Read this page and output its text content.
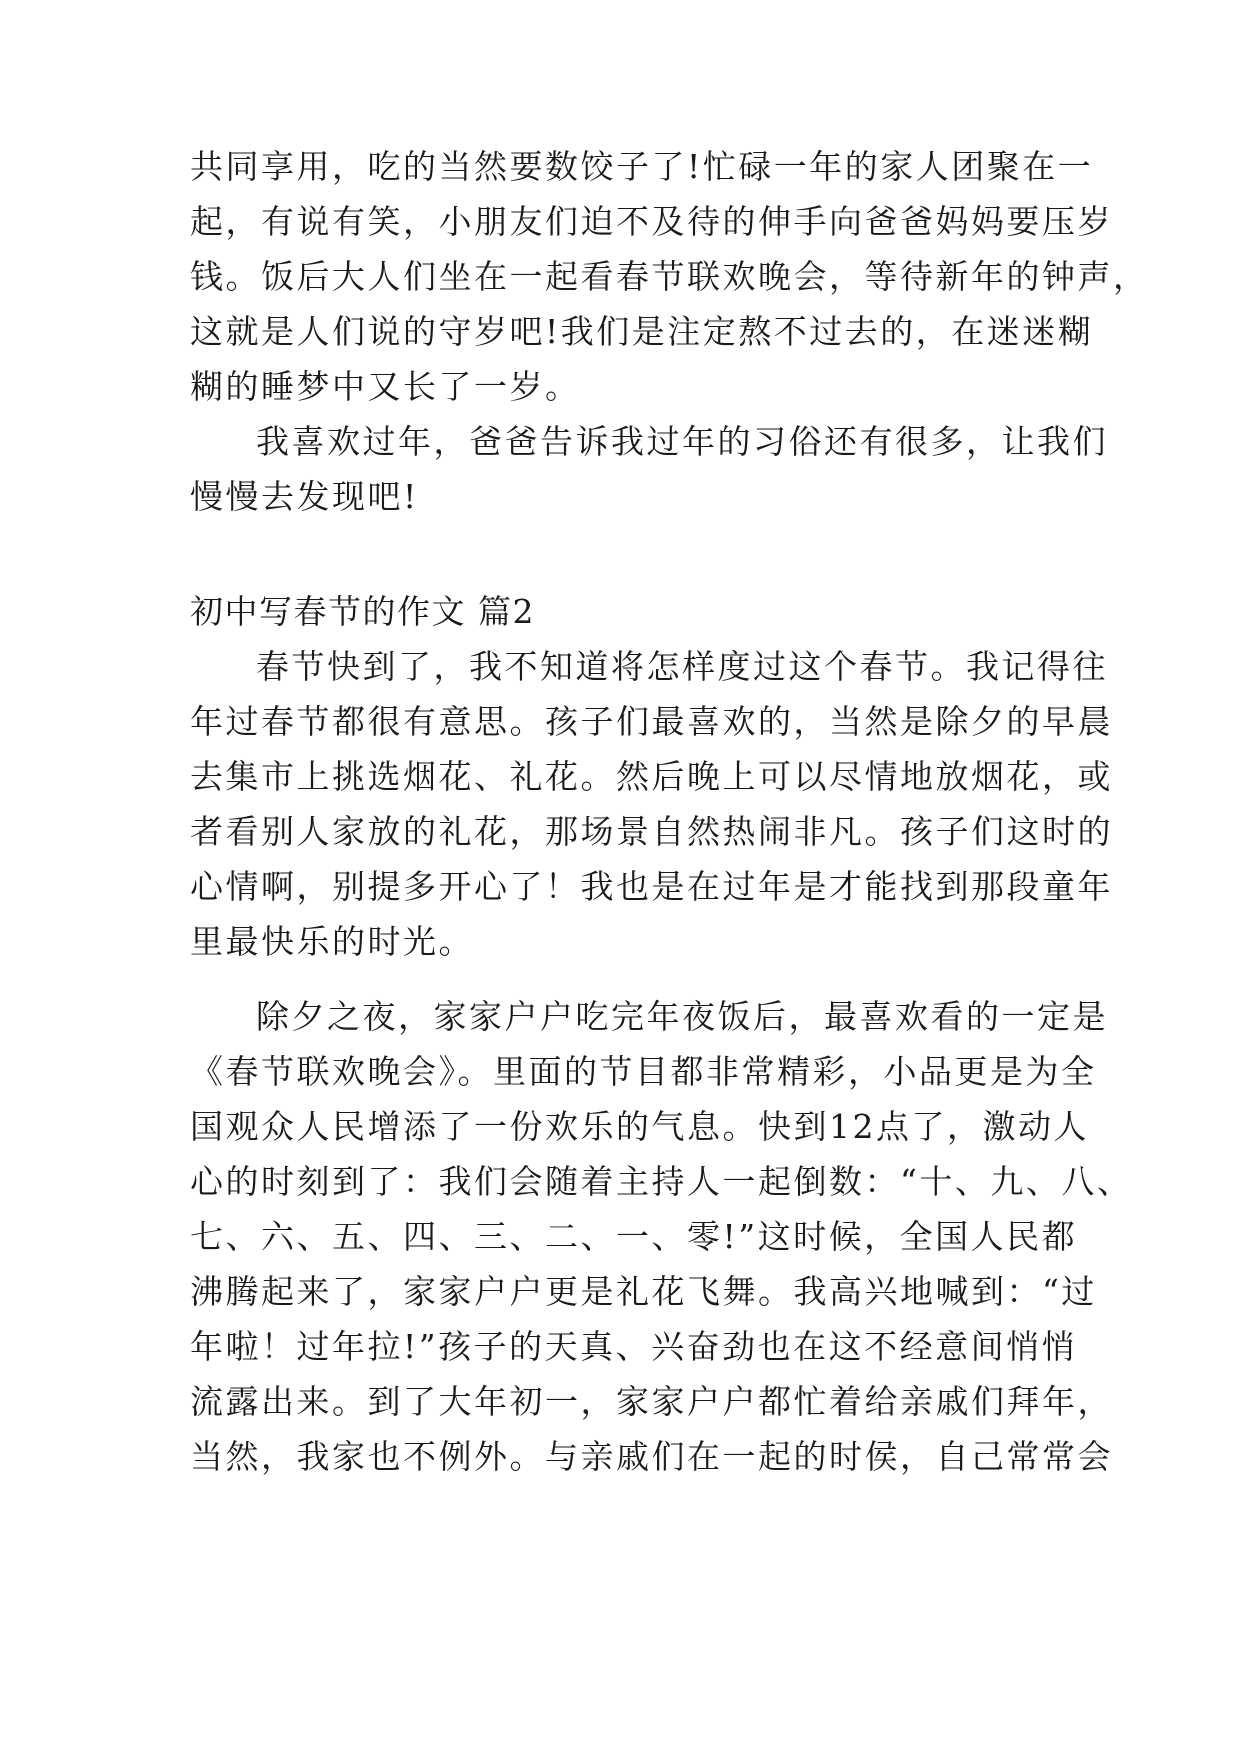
共同享用，吃的当然要数饺子了!忙碌一年的家人团聚在一
起，有说有笑，小朋友们迫不及待的伸手向爸爸妈妈要压岁
钱。饭后大人们坐在一起看春节联欢晚会，等待新年的钟声，
这就是人们说的守岁吧!我们是注定熬不过去的，在迷迷糊
糊的睡梦中又长了一岁。
我喜欢过年，爸爸告诉我过年的习俗还有很多，让我们
慢慢去发现吧!
初中写春节的作文 篇2
春节快到了，我不知道将怎样度过这个春节。我记得往
年过春节都很有意思。孩子们最喜欢的，当然是除夕的早晨
去集市上挑选烟花、礼花。然后晚上可以尽情地放烟花，或
者看别人家放的礼花，那场景自然热闹非凡。孩子们这时的
心情啊，别提多开心了！我也是在过年是才能找到那段童年
里最快乐的时光。
除夕之夜，家家户户吃完年夜饭后，最喜欢看的一定是
《春节联欢晚会》。里面的节目都非常精彩，小品更是为全
国观众人民增添了一份欢乐的气息。快到12点了，激动人
心的时刻到了：我们会随着主持人一起倒数：“十、九、八、
七、六、五、四、三、二、一、零!”这时候，全国人民都
沸腾起来了，家家户户更是礼花飞舞。我高兴地喊到：“过
年啦！过年拉!”孩子的天真、兴奋劲也在这不经意间悄悄
流露出来。到了大年初一，家家户户都忙着给亲戚们拜年，
当然，我家也不例外。与亲戚们在一起的时侯，自己常常会
